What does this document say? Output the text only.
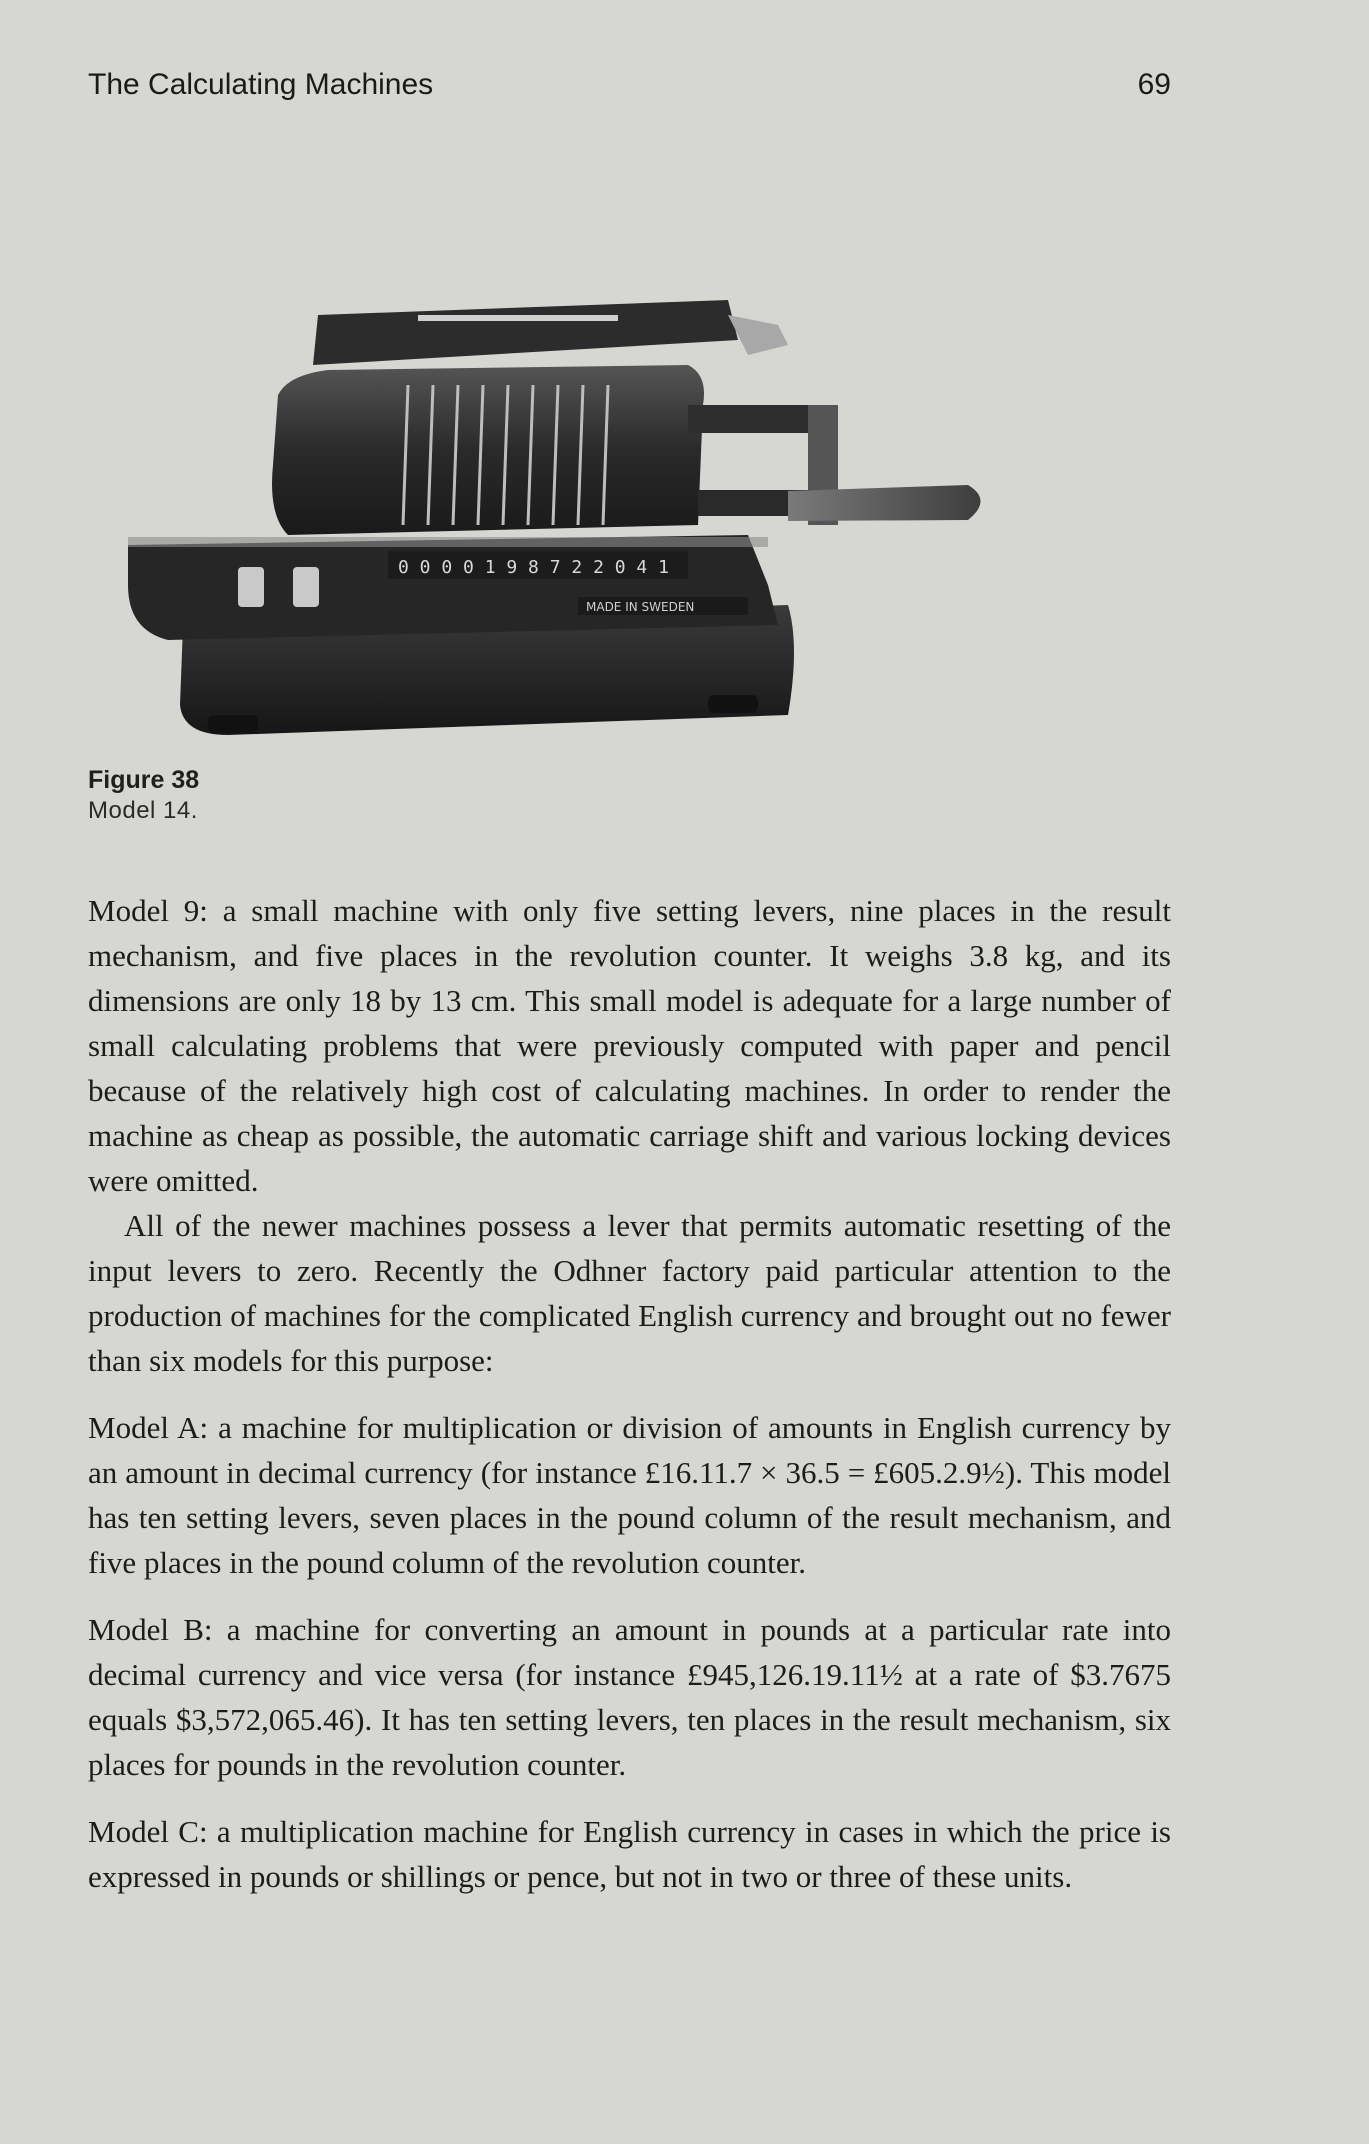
The Calculating Machines	69
0 0 0 0 1 9 8 7 2 2 0 4 1
MADE IN SWEDEN
Figure 38
Model 14.

Model 9: a small machine with only five setting levers, nine places in the result mechanism, and five places in the revolution counter. It weighs 3.8 kg, and its dimensions are only 18 by 13 cm. This small model is adequate for a large number of small calculating problems that were previously computed with paper and pencil because of the relatively high cost of calculating machines. In order to render the machine as cheap as possible, the automatic carriage shift and various locking devices were omitted.

All of the newer machines possess a lever that permits automatic resetting of the input levers to zero. Recently the Odhner factory paid particular attention to the production of machines for the complicated English currency and brought out no fewer than six models for this purpose:

Model A: a machine for multiplication or division of amounts in English currency by an amount in decimal currency (for instance £16.11.7 × 36.5 = £605.2.9½). This model has ten setting levers, seven places in the pound column of the result mechanism, and five places in the pound column of the revolution counter.

Model B: a machine for converting an amount in pounds at a particular rate into decimal currency and vice versa (for instance £945,126.19.11½ at a rate of $3.7675 equals $3,572,065.46). It has ten setting levers, ten places in the result mechanism, six places for pounds in the revolution counter.

Model C: a multiplication machine for English currency in cases in which the price is expressed in pounds or shillings or pence, but not in two or three of these units.
